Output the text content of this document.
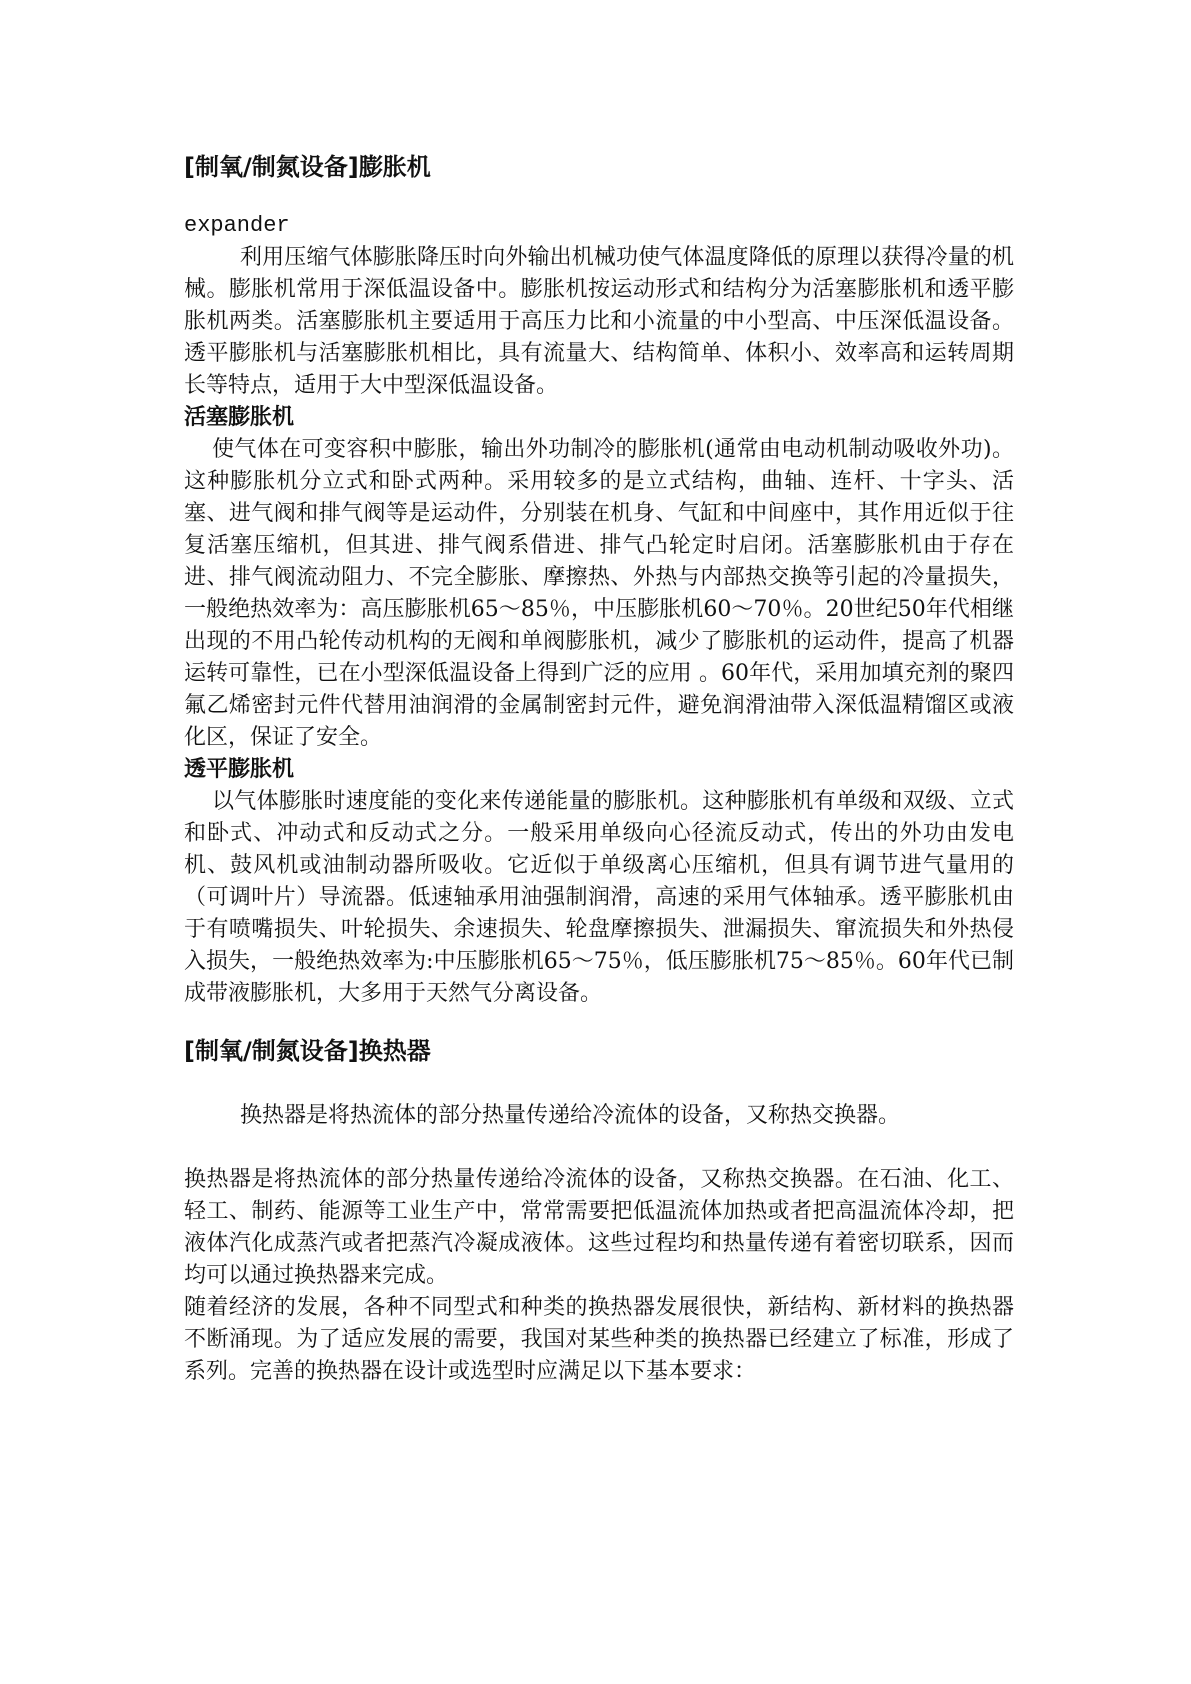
[制氧/制氮设备]膨胀机
expander

利用压缩气体膨胀降压时向外输出机械功使气体温度降低的原理以获得冷量的机械。膨胀机常用于深低温设备中。膨胀机按运动形式和结构分为活塞膨胀机和透平膨胀机两类。活塞膨胀机主要适用于高压力比和小流量的中小型高、中压深低温设备。透平膨胀机与活塞膨胀机相比，具有流量大、结构简单、体积小、效率高和运转周期长等特点，适用于大中型深低温设备。

活塞膨胀机

使气体在可变容积中膨胀，输出外功制冷的膨胀机(通常由电动机制动吸收外功)。这种膨胀机分立式和卧式两种。采用较多的是立式结构，曲轴、连杆、十字头、活塞、进气阀和排气阀等是运动件，分别装在机身、气缸和中间座中，其作用近似于往复活塞压缩机，但其进、排气阀系借进、排气凸轮定时启闭。活塞膨胀机由于存在进、排气阀流动阻力、不完全膨胀、摩擦热、外热与内部热交换等引起的冷量损失，一般绝热效率为：高压膨胀机65～85％，中压膨胀机60～70％。20世纪50年代相继出现的不用凸轮传动机构的无阀和单阀膨胀机，减少了膨胀机的运动件，提高了机器运转可靠性，已在小型深低温设备上得到广泛的应用 。60年代，采用加填充剂的聚四氟乙烯密封元件代替用油润滑的金属制密封元件，避免润滑油带入深低温精馏区或液化区，保证了安全。

透平膨胀机

以气体膨胀时速度能的变化来传递能量的膨胀机。这种膨胀机有单级和双级、立式和卧式、冲动式和反动式之分。一般采用单级向心径流反动式，传出的外功由发电机、鼓风机或油制动器所吸收。它近似于单级离心压缩机，但具有调节进气量用的（可调叶片）导流器。低速轴承用油强制润滑，高速的采用气体轴承。透平膨胀机由于有喷嘴损失、叶轮损失、余速损失、轮盘摩擦损失、泄漏损失、窜流损失和外热侵入损失，一般绝热效率为:中压膨胀机65～75％，低压膨胀机75～85％。60年代已制成带液膨胀机，大多用于天然气分离设备。

[制氧/制氮设备]换热器

换热器是将热流体的部分热量传递给冷流体的设备，又称热交换器。

换热器是将热流体的部分热量传递给冷流体的设备，又称热交换器。在石油、化工、轻工、制药、能源等工业生产中，常常需要把低温流体加热或者把高温流体冷却，把液体汽化成蒸汽或者把蒸汽冷凝成液体。这些过程均和热量传递有着密切联系，因而均可以通过换热器来完成。

随着经济的发展，各种不同型式和种类的换热器发展很快，新结构、新材料的换热器不断涌现。为了适应发展的需要，我国对某些种类的换热器已经建立了标准，形成了系列。完善的换热器在设计或选型时应满足以下基本要求：
